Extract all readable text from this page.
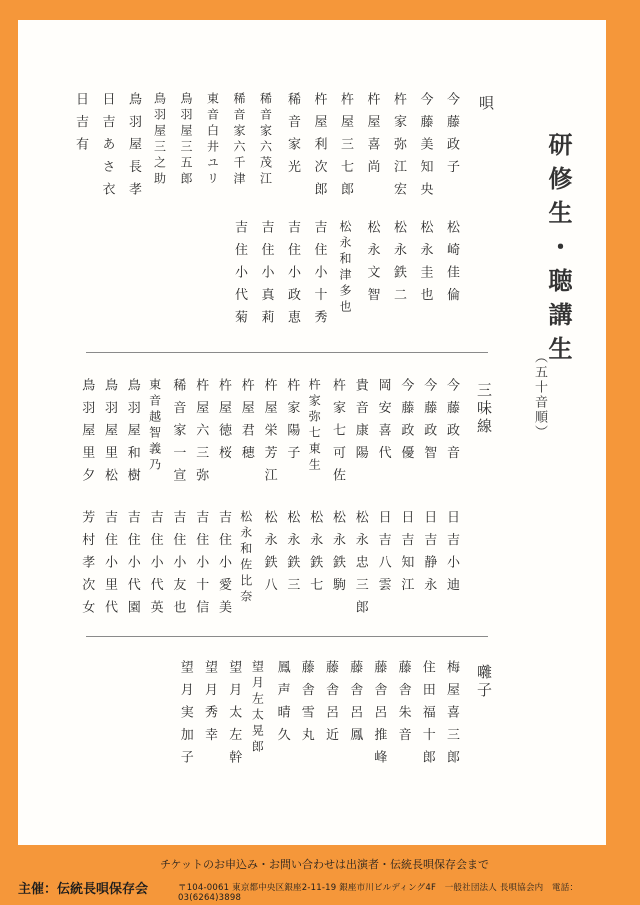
研修生・聴講生
（五十音順）
唄
今藤政子
今藤美知央
杵家弥江宏
杵屋喜尚
杵屋三七郎
杵屋利次郎
稀音家光
稀音家六茂江
稀音家六千津
東音白井ユリ
鳥羽屋三五郎
鳥羽屋三之助
鳥羽屋長孝
日吉あさ衣
日吉有
松崎佳倫
松永圭也
松永鉄二
松永文智
松永和津多也
吉住小十秀
吉住小政恵
吉住小真莉
吉住小代菊
三味線
今藤政音
今藤政智
今藤政優
岡安喜代
貴音康陽
杵家七可佐
杵家弥七東生
杵家陽子
杵屋栄芳江
杵屋君穂
杵屋徳桜
杵屋六三弥
稀音家一宣
東音越智義乃
鳥羽屋和樹
鳥羽屋里松
鳥羽屋里夕
日吉小迪
日吉静永
日吉知江
日吉八雲
松永忠三郎
松永鉄駒
松永鉄七
松永鉄三
松永鉄八
松永和佐比奈
吉住小愛美
吉住小十信
吉住小友也
吉住小代英
吉住小代園
吉住小里代
芳村孝次女
囃子
梅屋喜三郎
住田福十郎
藤舎朱音
藤舎呂推峰
藤舎呂鳳
藤舎呂近
藤舎雪丸
鳳声晴久
望月左太晃郎
望月太左幹
望月秀幸
望月実加子
チケットのお申込み・お問い合わせは出演者・伝統長唄保存会まで
主催：伝統長唄保存会	〒104-0061 東京都中央区銀座2-11-19 銀座市川ビルディング4F　一般社団法人 長唄協会内　電話：03(6264)3898
